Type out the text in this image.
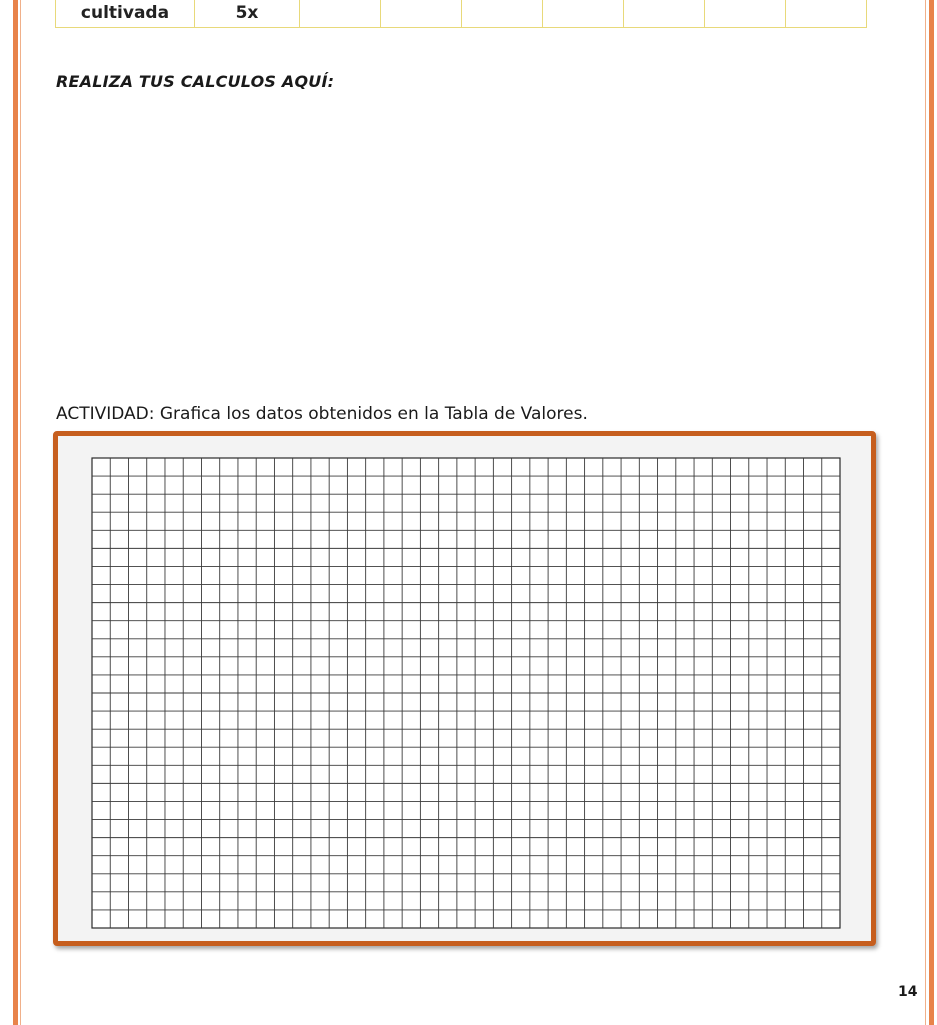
cultivada	5x							
REALIZA TUS CALCULOS AQUÍ:
ACTIVIDAD: Grafica los datos obtenidos en la Tabla de Valores.
14
